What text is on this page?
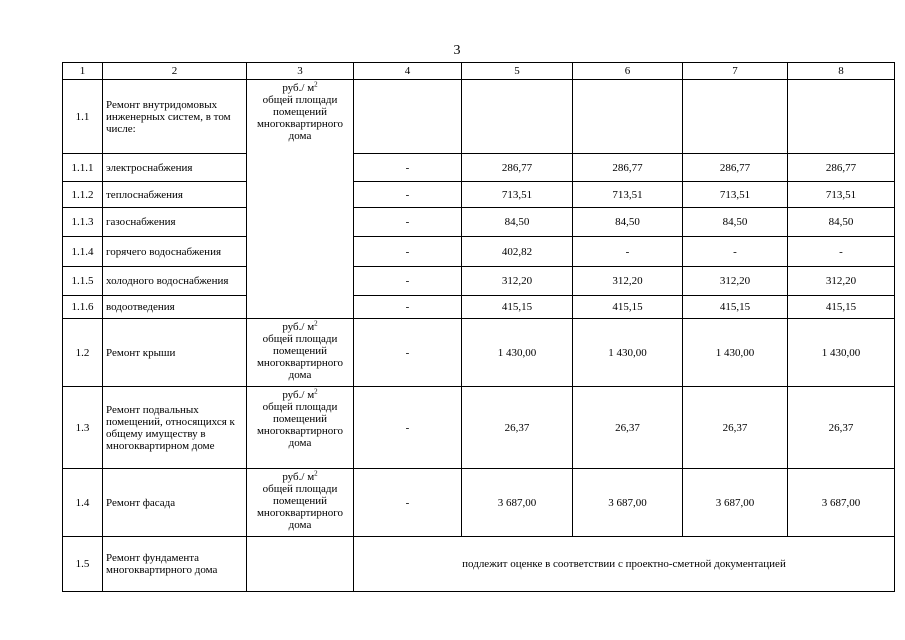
3
1	2	3	4	5	6	7	8
1.1	Ремонт внутридомовых инженерных систем, в том числе:	руб./ $м^2$
общей площади
помещений
многоквартирного
дома					
1.1.1	электроснабжения		-	286,77	286,77	286,77	286,77
1.1.2	теплоснабжения		-	713,51	713,51	713,51	713,51
1.1.3	газоснабжения		-	84,50	84,50	84,50	84,50
1.1.4	горячего водоснабжения		-	402,82	-	-	-
1.1.5	холодного водоснабжения		-	312,20	312,20	312,20	312,20
1.1.6	водоотведения		-	415,15	415,15	415,15	415,15
1.2	Ремонт крыши	руб./ $м^2$
общей площади
помещений
многоквартирного
дома	-	1 430,00	1 430,00	1 430,00	1 430,00
1.3	Ремонт подвальных помещений, относящихся к общему имуществу в многоквартирном доме	руб./ $м^2$
общей площади
помещений
многоквартирного
дома	-	26,37	26,37	26,37	26,37
1.4	Ремонт фасада	руб./ $м^2$
общей площади
помещений
многоквартирного
дома	-	3 687,00	3 687,00	3 687,00	3 687,00
1.5	Ремонт фундамента многоквартирного дома		подлежит оценке в соответствии с проектно-сметной документацией				
